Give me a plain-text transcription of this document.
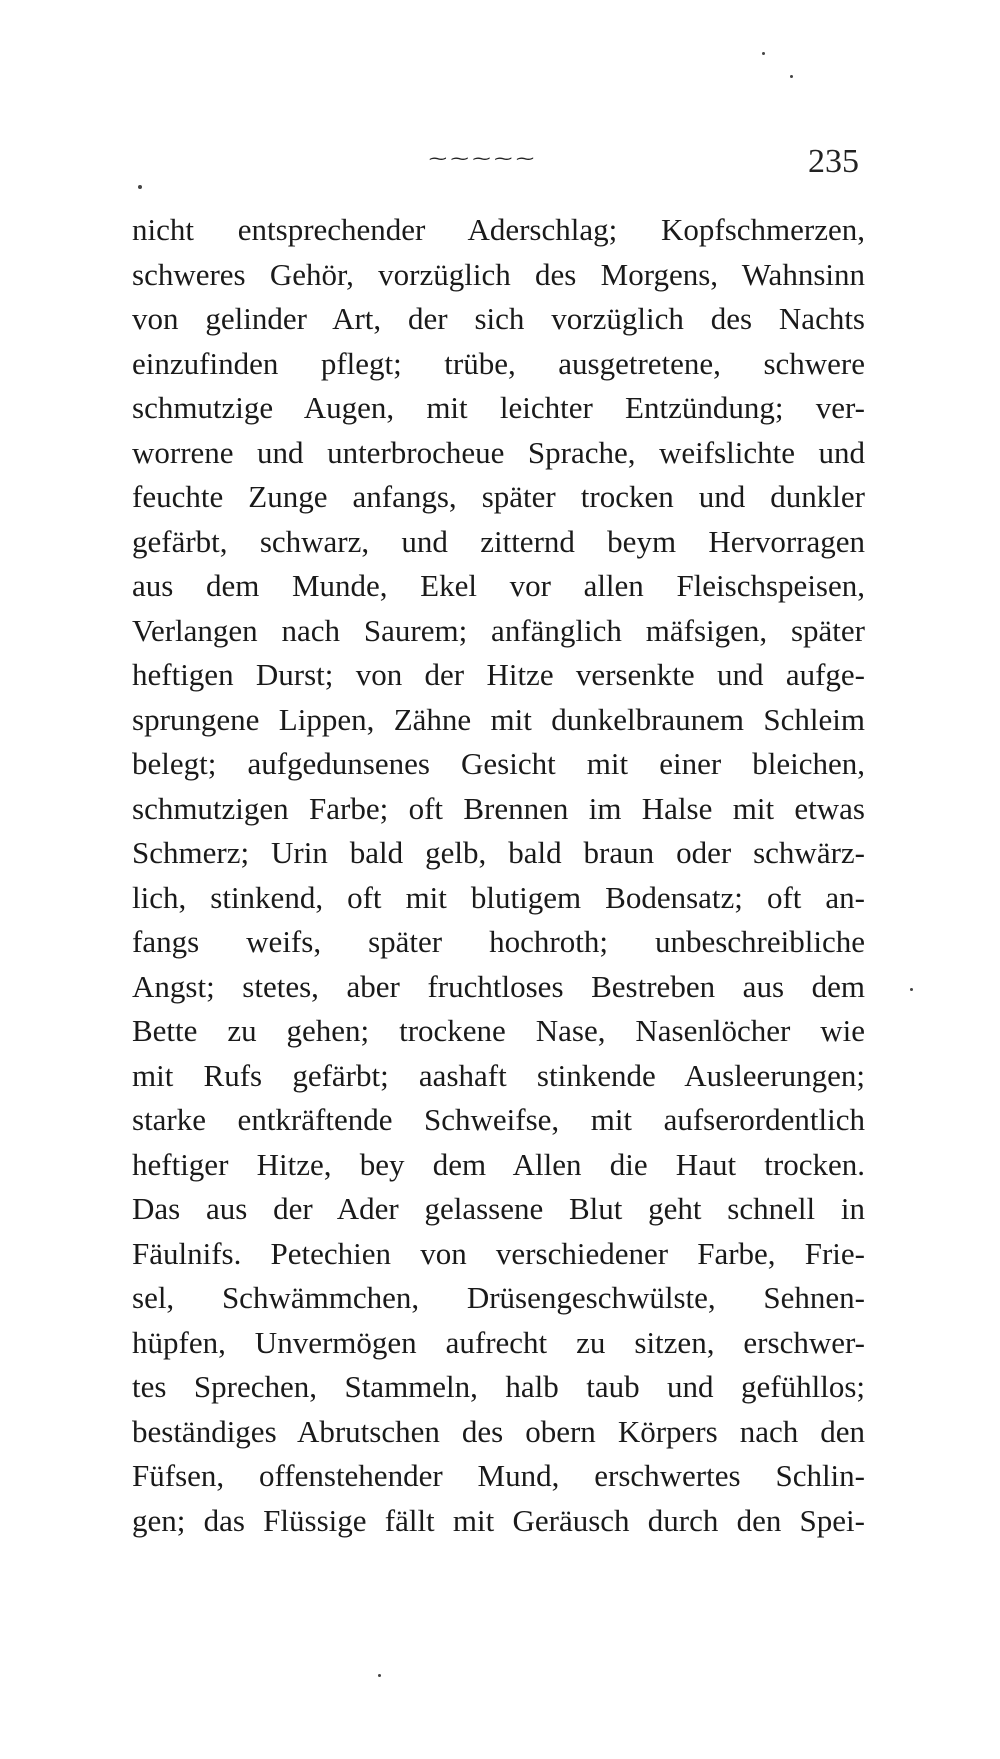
~~~~~	235
nicht entsprechender Aderschlag; Kopfschmerzen,
schweres Gehör, vorzüglich des Morgens, Wahnsinn
von gelinder Art, der sich vorzüglich des Nachts
einzufinden pflegt; trübe, ausgetretene, schwere
schmutzige Augen, mit leichter Entzündung; ver-
worrene und unterbrocheue Sprache, weifslichte und
feuchte Zunge anfangs, später trocken und dunkler
gefärbt, schwarz, und zitternd beym Hervorragen
aus dem Munde, Ekel vor allen Fleischspeisen,
Verlangen nach Saurem; anfänglich mäfsigen, später
heftigen Durst; von der Hitze versenkte und aufge-
sprungene Lippen, Zähne mit dunkelbraunem Schleim
belegt; aufgedunsenes Gesicht mit einer bleichen,
schmutzigen Farbe; oft Brennen im Halse mit etwas
Schmerz; Urin bald gelb, bald braun oder schwärz-
lich, stinkend, oft mit blutigem Bodensatz; oft an-
fangs weifs, später hochroth; unbeschreibliche
Angst; stetes, aber fruchtloses Bestreben aus dem
Bette zu gehen; trockene Nase, Nasenlöcher wie
mit Rufs gefärbt; aashaft stinkende Ausleerungen;
starke entkräftende Schweifse, mit aufserordentlich
heftiger Hitze, bey dem Allen die Haut trocken.
Das aus der Ader gelassene Blut geht schnell in
Fäulnifs. Petechien von verschiedener Farbe, Frie-
sel, Schwämmchen, Drüsengeschwülste, Sehnen-
hüpfen, Unvermögen aufrecht zu sitzen, erschwer-
tes Sprechen, Stammeln, halb taub und gefühllos;
beständiges Abrutschen des obern Körpers nach den
Füfsen, offenstehender Mund, erschwertes Schlin-
gen; das Flüssige fällt mit Geräusch durch den Spei-
